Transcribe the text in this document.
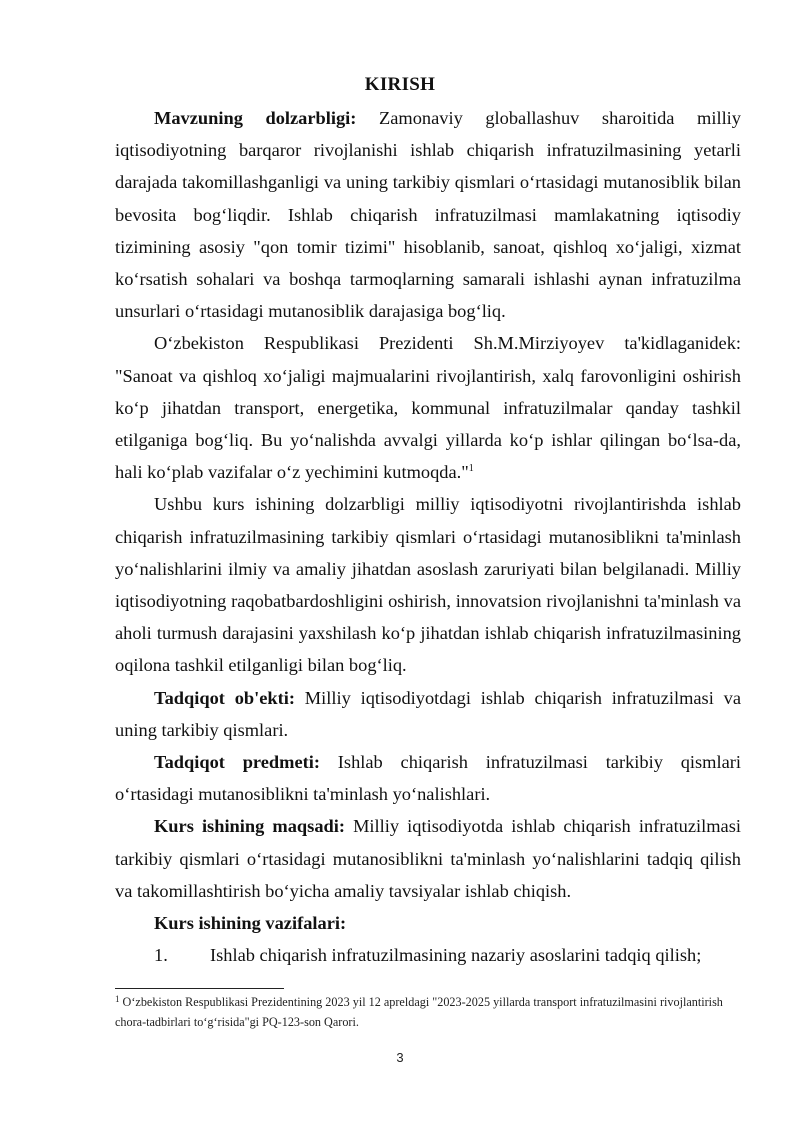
KIRISH

Mavzuning dolzarbligi: Zamonaviy globallashuv sharoitida milliy iqtisodiyotning barqaror rivojlanishi ishlab chiqarish infratuzilmasining yetarli darajada takomillashganligi va uning tarkibiy qismlari o‘rtasidagi mutanosiblik bilan bevosita bog‘liqdir. Ishlab chiqarish infratuzilmasi mamlakatning iqtisodiy tizimining asosiy "qon tomir tizimi" hisoblanib, sanoat, qishloq xo‘jaligi, xizmat ko‘rsatish sohalari va boshqa tarmoqlarning samarali ishlashi aynan infratuzilma unsurlari o‘rtasidagi mutanosiblik darajasiga bog‘liq.

O‘zbekiston Respublikasi Prezidenti Sh.M.Mirziyoyev ta'kidlaganidek: "Sanoat va qishloq xo‘jaligi majmualarini rivojlantirish, xalq farovonligini oshirish ko‘p jihatdan transport, energetika, kommunal infratuzilmalar qanday tashkil etilganiga bog‘liq. Bu yo‘nalishda avvalgi yillarda ko‘p ishlar qilingan bo‘lsa-da, hali ko‘plab vazifalar o‘z yechimini kutmoqda."$^1$

Ushbu kurs ishining dolzarbligi milliy iqtisodiyotni rivojlantirishda ishlab chiqarish infratuzilmasining tarkibiy qismlari o‘rtasidagi mutanosiblikni ta'minlash yo‘nalishlarini ilmiy va amaliy jihatdan asoslash zaruriyati bilan belgilanadi. Milliy iqtisodiyotning raqobatbardoshligini oshirish, innovatsion rivojlanishni ta'minlash va aholi turmush darajasini yaxshilash ko‘p jihatdan ishlab chiqarish infratuzilmasining oqilona tashkil etilganligi bilan bog‘liq.

Tadqiqot ob'ekti: Milliy iqtisodiyotdagi ishlab chiqarish infratuzilmasi va uning tarkibiy qismlari.

Tadqiqot predmeti: Ishlab chiqarish infratuzilmasi tarkibiy qismlari o‘rtasidagi mutanosiblikni ta'minlash yo‘nalishlari.

Kurs ishining maqsadi: Milliy iqtisodiyotda ishlab chiqarish infratuzilmasi tarkibiy qismlari o‘rtasidagi mutanosiblikni ta'minlash yo‘nalishlarini tadqiq qilish va takomillashtirish bo‘yicha amaliy tavsiyalar ishlab chiqish.

Kurs ishining vazifalari:

1.	Ishlab chiqarish infratuzilmasining nazariy asoslarini tadqiq qilish;
$^1$ O‘zbekiston Respublikasi Prezidentining 2023 yil 12 apreldagi "2023-2025 yillarda transport infratuzilmasini rivojlantirish chora-tadbirlari to‘g‘risida"gi PQ-123-son Qarori.
3
